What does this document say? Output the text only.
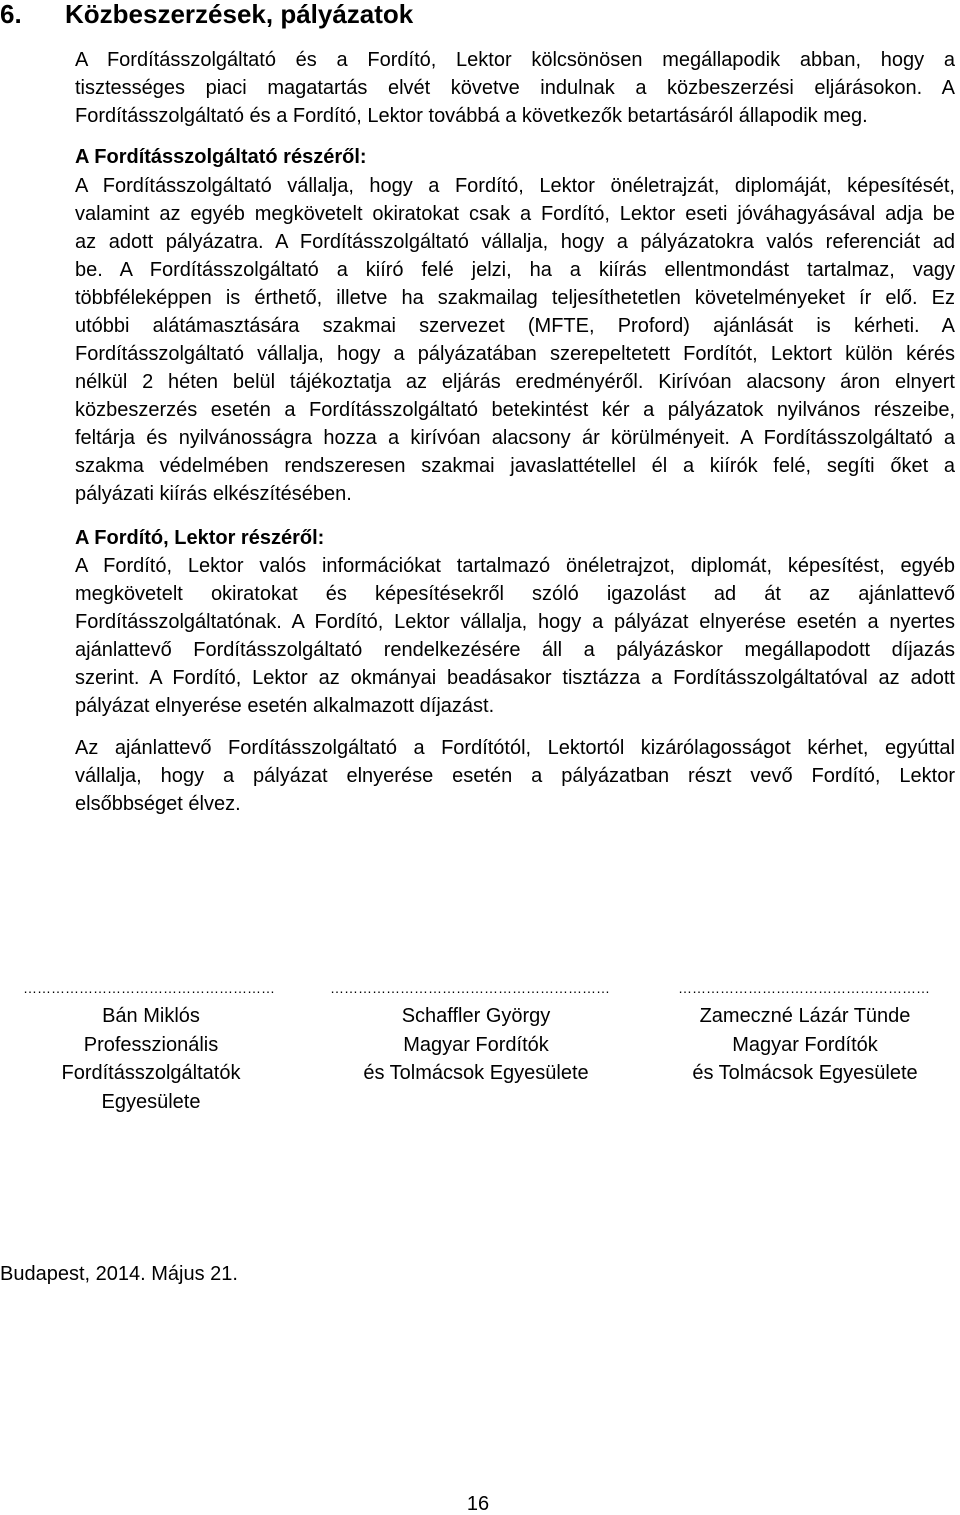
6. Közbeszerzések, pályázatok
A Fordításszolgáltató és a Fordító, Lektor kölcsönösen megállapodik abban, hogy a
tisztességes piaci magatartás elvét követve indulnak a közbeszerzési eljárásokon. A
Fordításszolgáltató és a Fordító, Lektor továbbá a következők betartásáról állapodik meg.
A Fordításszolgáltató részéről:
A Fordításszolgáltató vállalja, hogy a Fordító, Lektor önéletrajzát, diplomáját, képesítését,
valamint az egyéb megkövetelt okiratokat csak a Fordító, Lektor eseti jóváhagyásával adja be
az adott pályázatra. A Fordításszolgáltató vállalja, hogy a pályázatokra valós referenciát ad
be. A Fordításszolgáltató a kiíró felé jelzi, ha a kiírás ellentmondást tartalmaz, vagy
többféleképpen is érthető, illetve ha szakmailag teljesíthetetlen követelményeket ír elő. Ez
utóbbi alátámasztására szakmai szervezet (MFTE, Proford) ajánlását is kérheti. A
Fordításszolgáltató vállalja, hogy a pályázatában szerepeltetett Fordítót, Lektort külön kérés
nélkül 2 héten belül tájékoztatja az eljárás eredményéről. Kirívóan alacsony áron elnyert
közbeszerzés esetén a Fordításszolgáltató betekintést kér a pályázatok nyilvános részeibe,
feltárja és nyilvánosságra hozza a kirívóan alacsony ár körülményeit. A Fordításszolgáltató a
szakma védelmében rendszeresen szakmai javaslattétellel él a kiírók felé, segíti őket a
pályázati kiírás elkészítésében.
A Fordító, Lektor részéről:
A Fordító, Lektor valós információkat tartalmazó önéletrajzot, diplomát, képesítést, egyéb
megkövetelt okiratokat és képesítésekről szóló igazolást ad át az ajánlattevő
Fordításszolgáltatónak. A Fordító, Lektor vállalja, hogy a pályázat elnyerése esetén a nyertes
ajánlattevő Fordításszolgáltató rendelkezésére áll a pályázáskor megállapodott díjazás
szerint. A Fordító, Lektor az okmányai beadásakor tisztázza a Fordításszolgáltatóval az adott
pályázat elnyerése esetén alkalmazott díjazást.
Az ajánlattevő Fordításszolgáltató a Fordítótól, Lektortól kizárólagosságot kérhet, egyúttal
vállalja, hogy a pályázat elnyerése esetén a pályázatban részt vevő Fordító, Lektor
elsőbbséget élvez.
………………………………………………
Bán Miklós
Professzionális
Fordításszolgáltatók
Egyesülete
……………………………………………………
Schaffler György
Magyar Fordítók
és Tolmácsok Egyesülete
………………………………………………
Zameczné Lázár Tünde
Magyar Fordítók
és Tolmácsok Egyesülete
Budapest, 2014. Május 21.
16
